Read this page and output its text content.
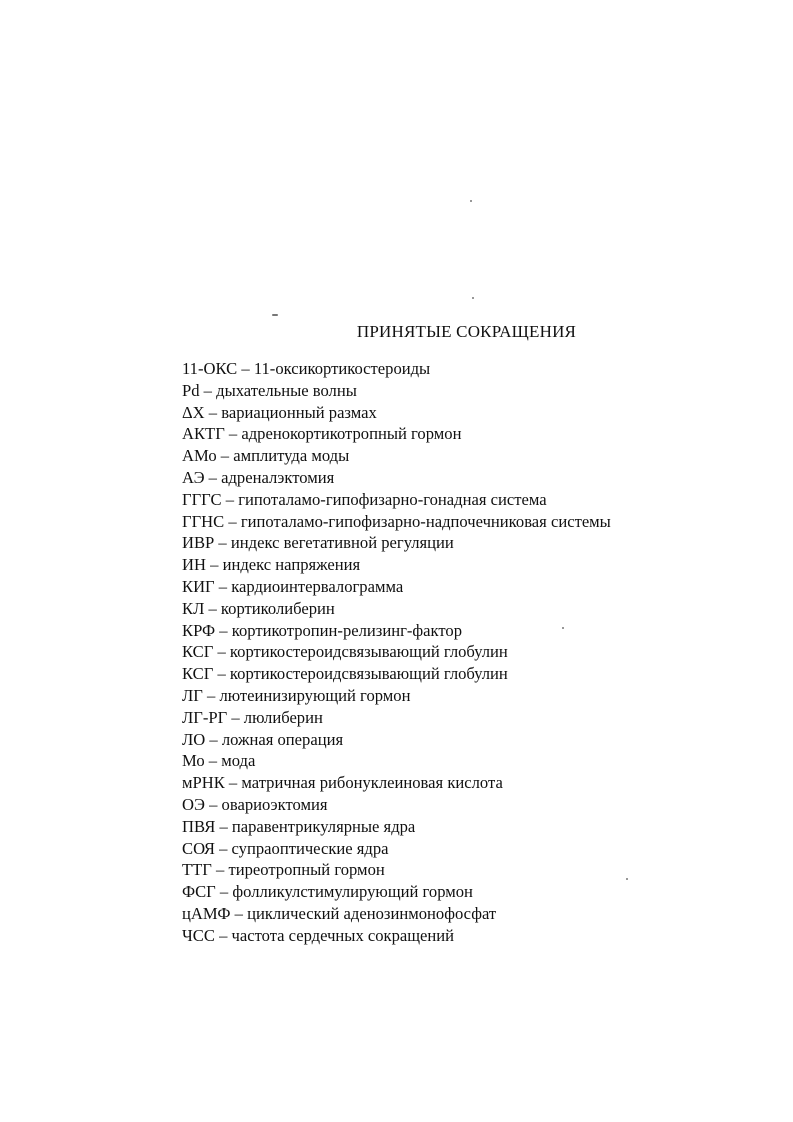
ПРИНЯТЫЕ СОКРАЩЕНИЯ
11-ОКС – 11-оксикортикостероиды
Pd – дыхательные волны
ΔX – вариационный размах
АКТГ – адренокортикотропный гормон
АМо – амплитуда моды
АЭ – адреналэктомия
ГГГС – гипоталамо-гипофизарно-гонадная система
ГГНС – гипоталамо-гипофизарно-надпочечниковая системы
ИВР – индекс вегетативной регуляции
ИН – индекс напряжения
КИГ – кардиоинтервалограмма
КЛ – кортиколиберин
КРФ – кортикотропин-релизинг-фактор
КСГ – кортикостероидсвязывающий глобулин
КСГ – кортикостероидсвязывающий глобулин
ЛГ – лютеинизирующий гормон
ЛГ-РГ – люлиберин
ЛО – ложная операция
Мо – мода
мРНК – матричная рибонуклеиновая кислота
ОЭ – овариоэктомия
ПВЯ – паравентрикулярные ядра
СОЯ – супраоптические ядра
ТТГ – тиреотропный гормон
ФСГ – фолликулстимулирующий гормон
цАМФ – циклический аденозинмонофосфат
ЧСС – частота сердечных сокращений
